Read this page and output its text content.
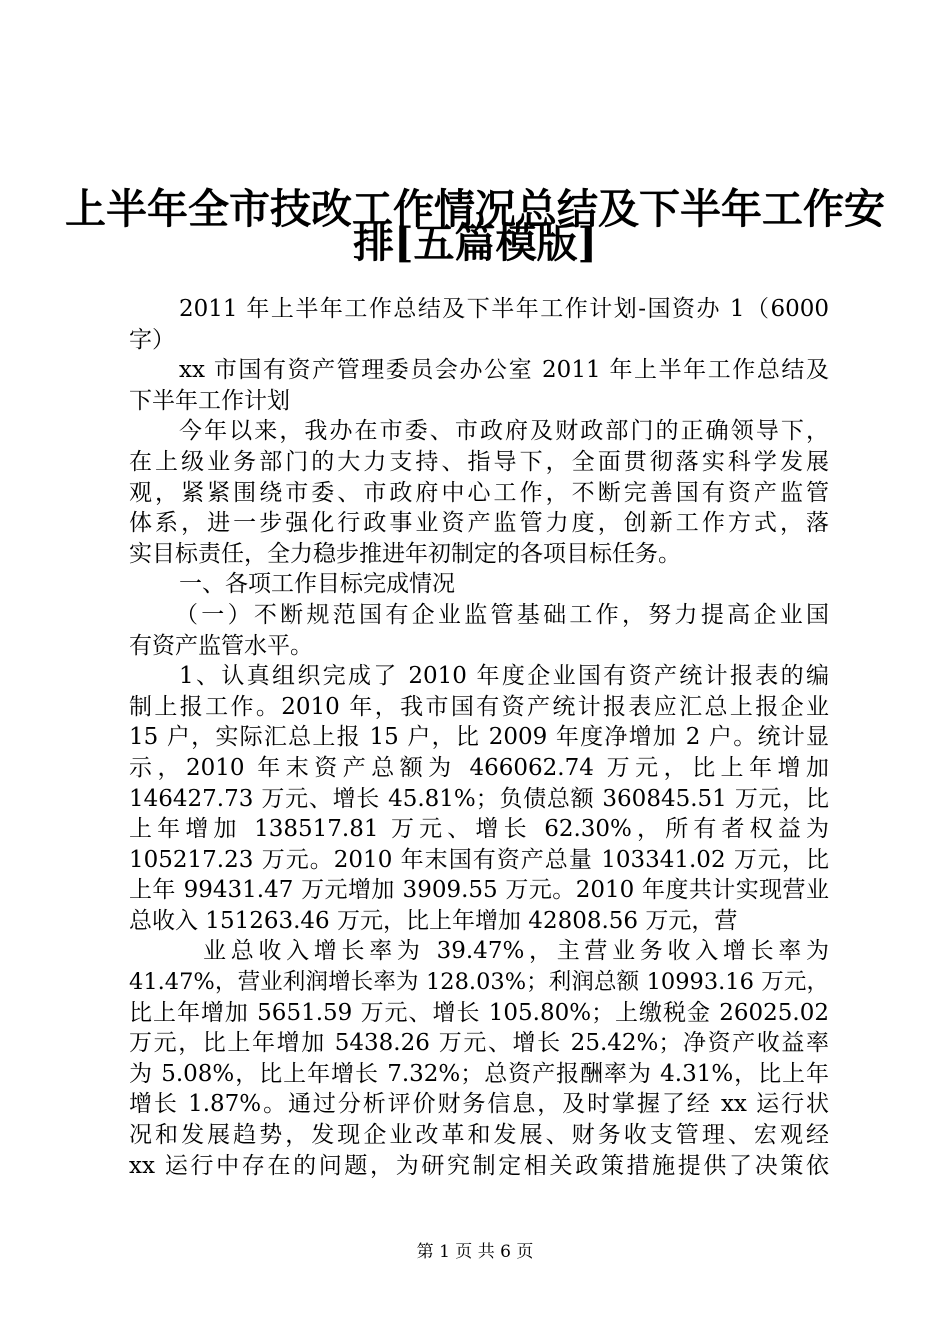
上半年全市技改工作情况总结及下半年工作安
排[五篇模版]
2011 年上半年工作总结及下半年工作计划-国资办 1（6000
字）
xx 市国有资产管理委员会办公室 2011 年上半年工作总结及
下半年工作计划
今年以来，我办在市委、市政府及财政部门的正确领导下，
在上级业务部门的大力支持、指导下，全面贯彻落实科学发展
观，紧紧围绕市委、市政府中心工作，不断完善国有资产监管
体系，进一步强化行政事业资产监管力度，创新工作方式，落
实目标责任，全力稳步推进年初制定的各项目标任务。
一、各项工作目标完成情况
（一）不断规范国有企业监管基础工作，努力提高企业国
有资产监管水平。
1、认真组织完成了 2010 年度企业国有资产统计报表的编
制上报工作。2010 年，我市国有资产统计报表应汇总上报企业
15 户，实际汇总上报 15 户，比 2009 年度净增加 2 户。统计显
示，2010 年末资产总额为 466062.74 万元，比上年增加
146427.73 万元、增长 45.81%；负债总额 360845.51 万元，比
上年增加 138517.81 万元、增长 62.30%，所有者权益为
105217.23 万元。2010 年末国有资产总量 103341.02 万元，比
上年 99431.47 万元增加 3909.55 万元。2010 年度共计实现营业
总收入 151263.46 万元，比上年增加 42808.56 万元，营
业总收入增长率为 39.47%，主营业务收入增长率为
41.47%，营业利润增长率为 128.03%；利润总额 10993.16 万元，
比上年增加 5651.59 万元、增长 105.80%；上缴税金 26025.02
万元，比上年增加 5438.26 万元、增长 25.42%；净资产收益率
为 5.08%，比上年增长 7.32%；总资产报酬率为 4.31%，比上年
增长 1.87%。通过分析评价财务信息，及时掌握了经 xx 运行状
况和发展趋势，发现企业改革和发展、财务收支管理、宏观经
xx 运行中存在的问题，为研究制定相关政策措施提供了决策依
第 1 页 共 6 页
